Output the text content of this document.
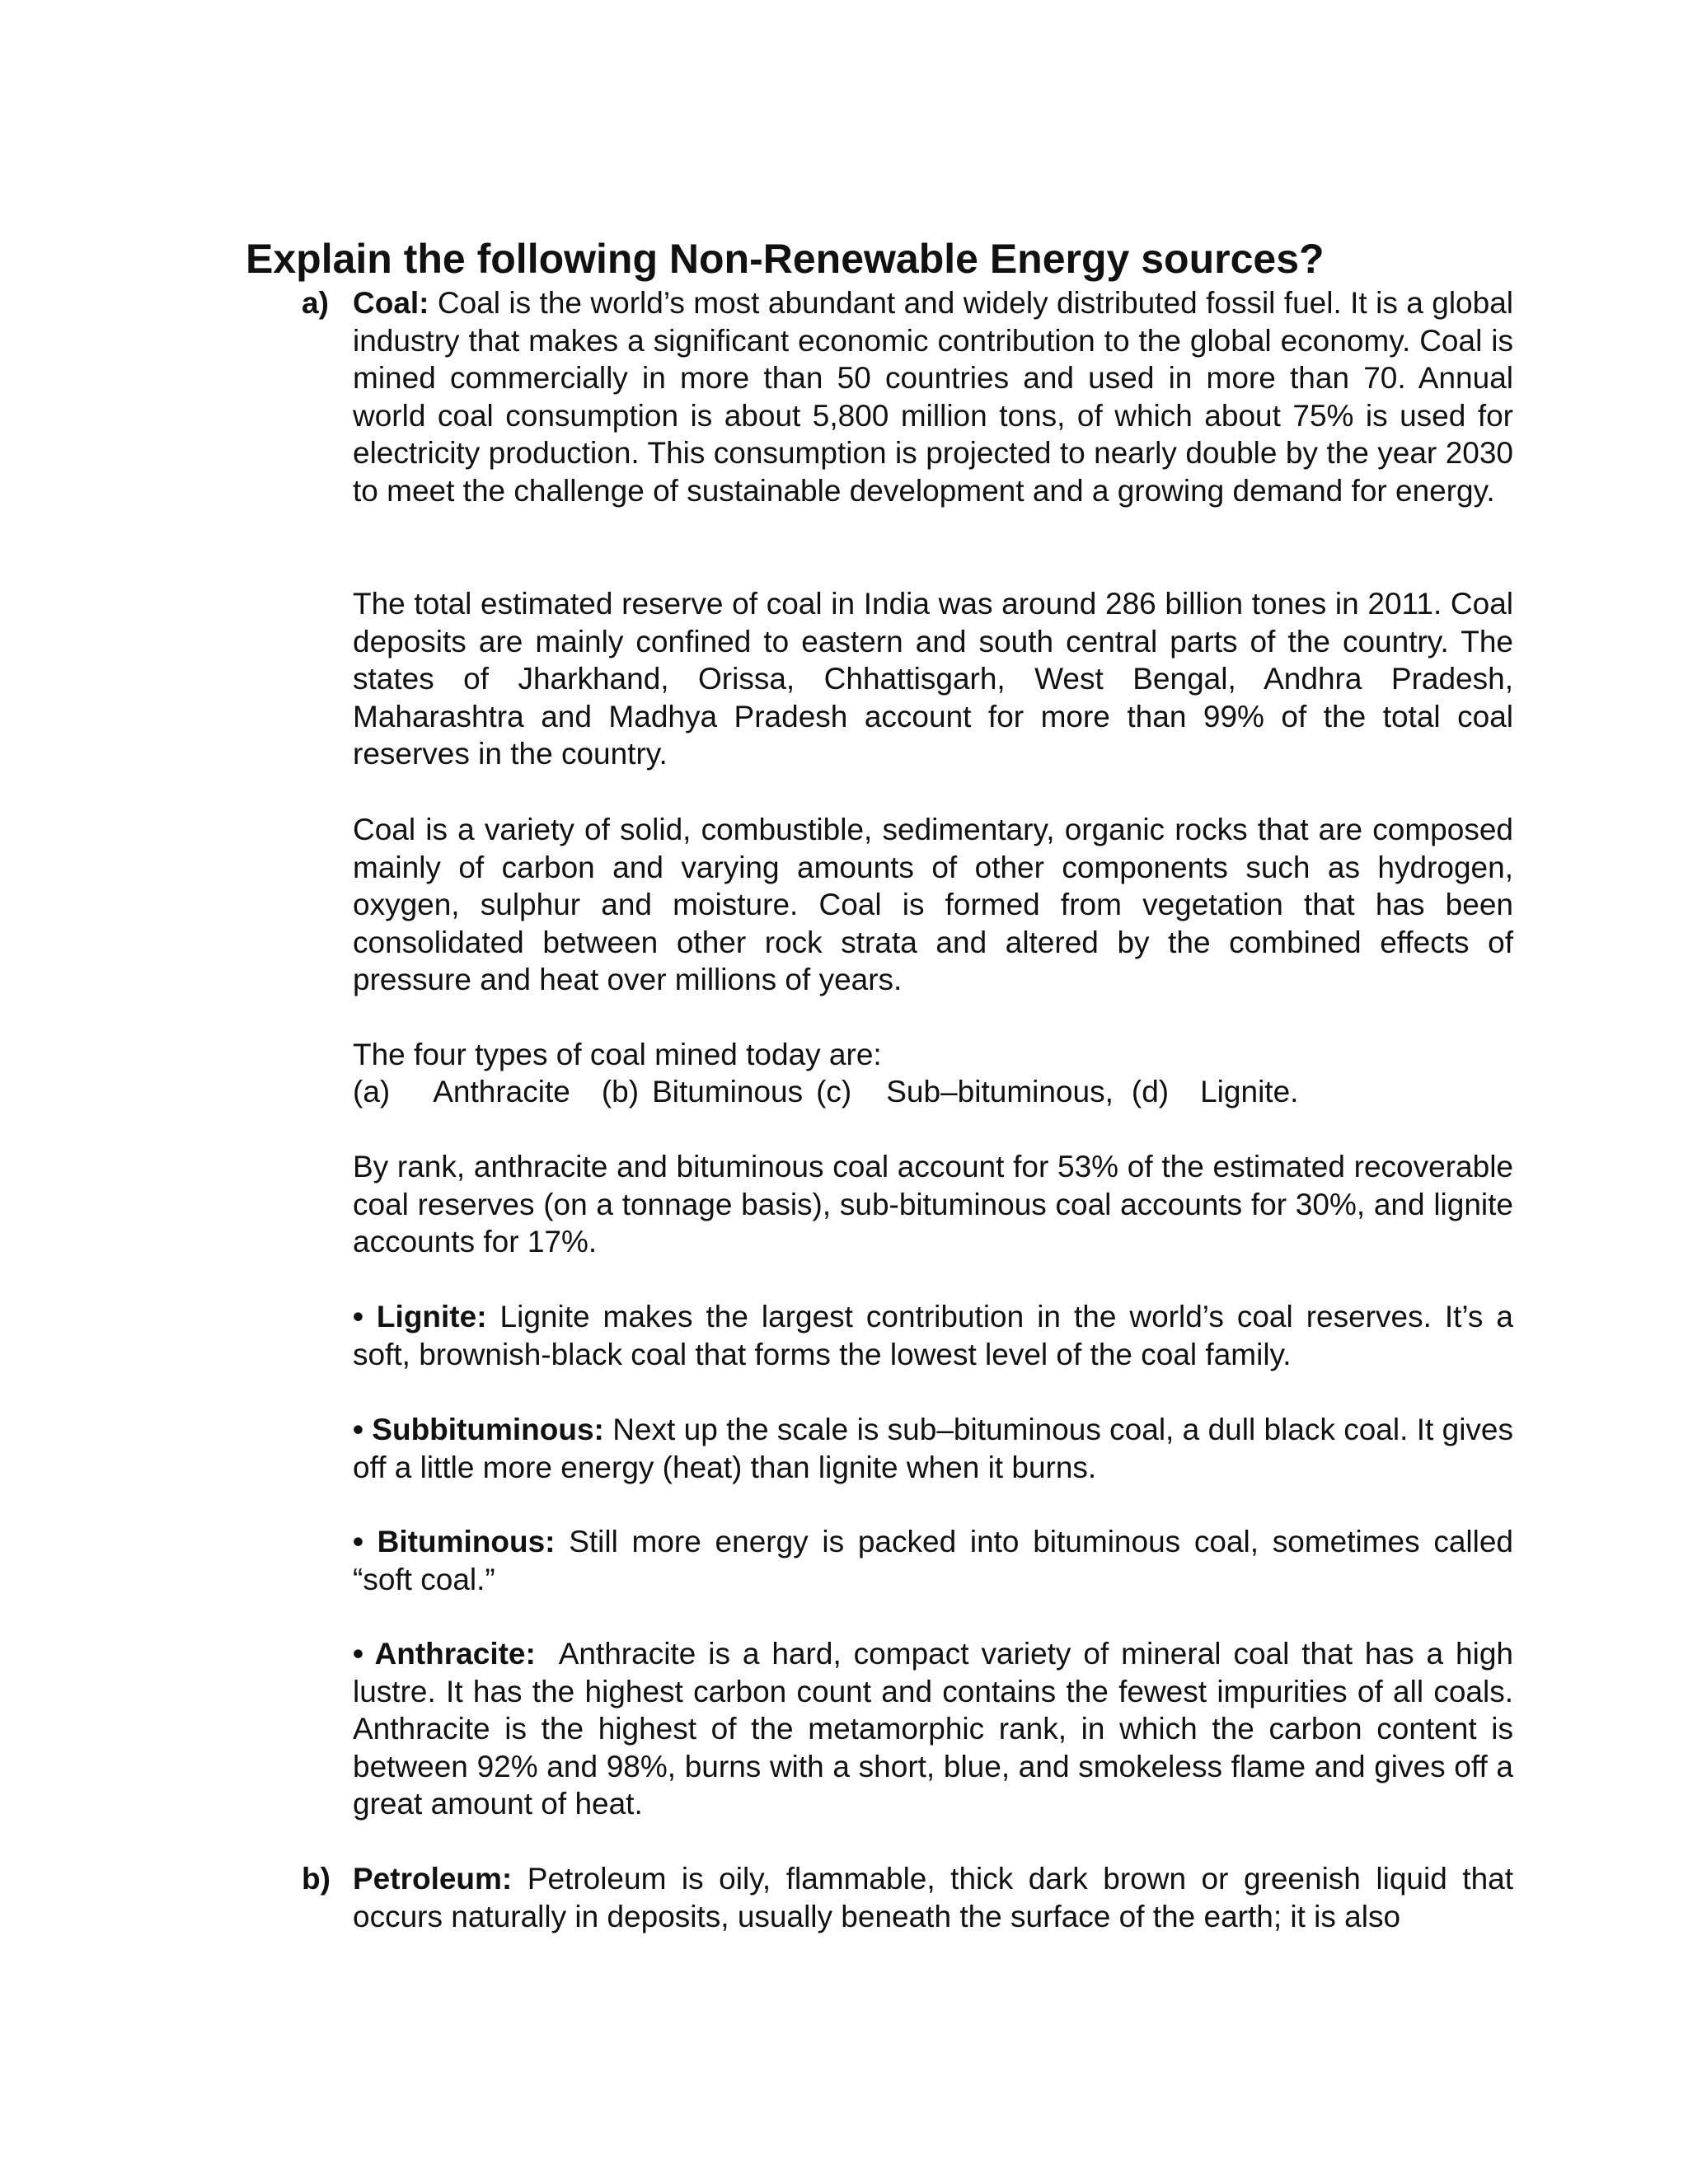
Explain the following Non-Renewable Energy sources?
a) Coal: Coal is the world’s most abundant and widely distributed fossil fuel. It is a global industry that makes a significant economic contribution to the global economy. Coal is mined commercially in more than 50 countries and used in more than 70. Annual world coal consumption is about 5,800 million tons, of which about 75% is used for electricity production. This consumption is projected to nearly double by the year 2030 to meet the challenge of sustainable development and a growing demand for energy.

The total estimated reserve of coal in India was around 286 billion tones in 2011. Coal deposits are mainly confined to eastern and south central parts of the country. The states of Jharkhand, Orissa, Chhattisgarh, West Bengal, Andhra Pradesh, Maharashtra and Madhya Pradesh account for more than 99% of the total coal reserves in the country.

Coal is a variety of solid, combustible, sedimentary, organic rocks that are composed mainly of carbon and varying amounts of other components such as hydrogen, oxygen, sulphur and moisture. Coal is formed from vegetation that has been consolidated between other rock strata and altered by the combined effects of pressure and heat over millions of years.

The four types of coal mined today are:

(a) Anthracite (b) Bituminous (c) Sub–bituminous, (d) Lignite.

By rank, anthracite and bituminous coal account for 53% of the estimated recoverable coal reserves (on a tonnage basis), sub-bituminous coal accounts for 30%, and lignite accounts for 17%.

• Lignite: Lignite makes the largest contribution in the world’s coal reserves. It’s a soft, brownish-black coal that forms the lowest level of the coal family.

• Subbituminous: Next up the scale is sub–bituminous coal, a dull black coal. It gives off a little more energy (heat) than lignite when it burns.

• Bituminous: Still more energy is packed into bituminous coal, sometimes called “soft coal.”

• Anthracite: Anthracite is a hard, compact variety of mineral coal that has a high lustre. It has the highest carbon count and contains the fewest impurities of all coals. Anthracite is the highest of the metamorphic rank, in which the carbon content is between 92% and 98%, burns with a short, blue, and smokeless flame and gives off a great amount of heat.

b) Petroleum: Petroleum is oily, flammable, thick dark brown or greenish liquid that occurs naturally in deposits, usually beneath the surface of the earth; it is also
